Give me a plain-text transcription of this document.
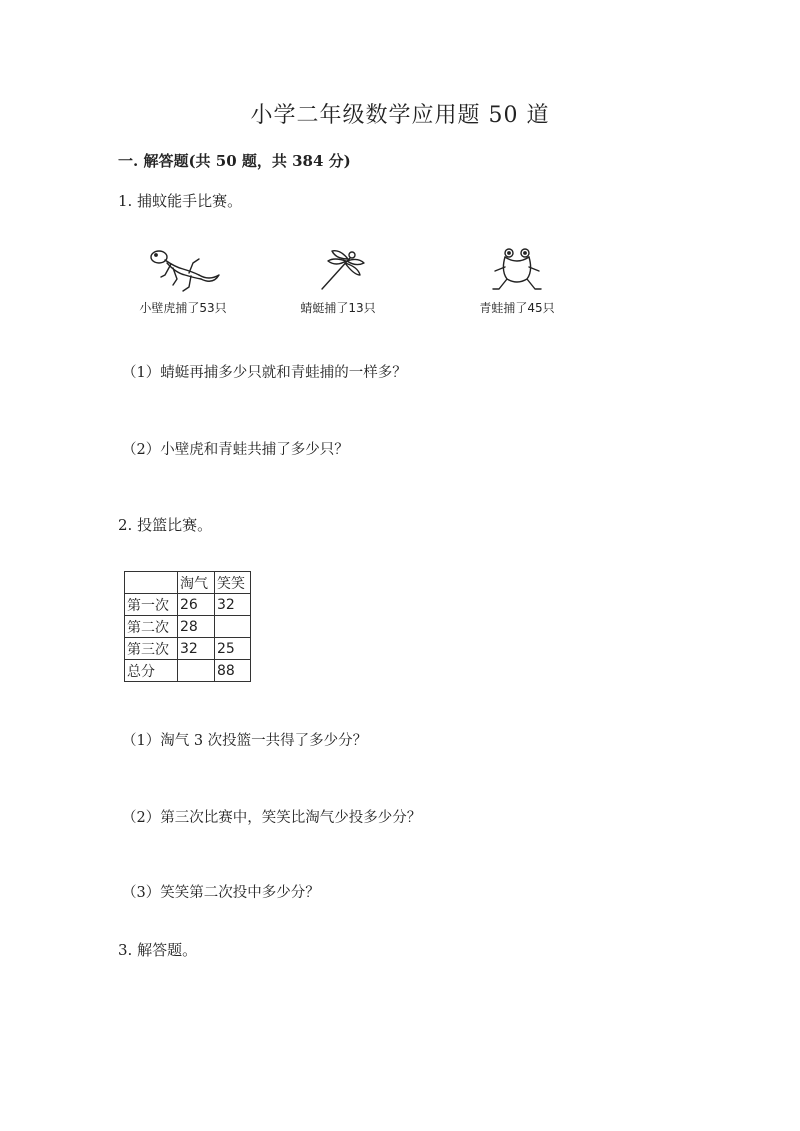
小学二年级数学应用题 50 道
一. 解答题(共 50 题，共 384 分)
1. 捕蚊能手比赛。
小壁虎捕了53只	蜻蜓捕了13只	青蛙捕了45只
（1）蜻蜓再捕多少只就和青蛙捕的一样多？
（2）小壁虎和青蛙共捕了多少只？
2. 投篮比赛。
	淘气	笑笑
第一次	26	32
第二次	28	
第三次	32	25
总分		88
（1）淘气 3 次投篮一共得了多少分？
（2）第三次比赛中，笑笑比淘气少投多少分？
（3）笑笑第二次投中多少分？
3. 解答题。
